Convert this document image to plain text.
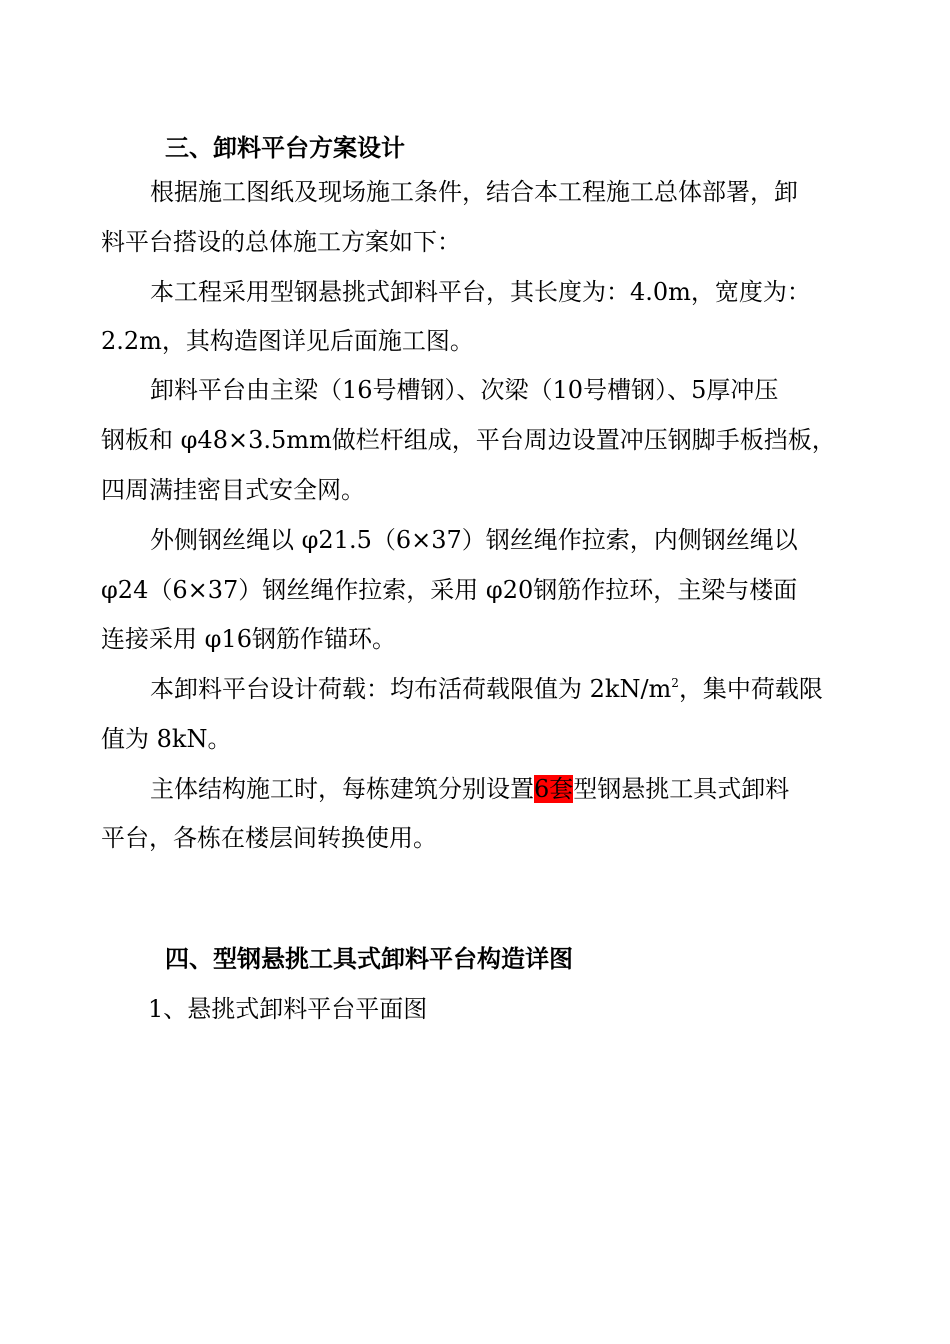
三、卸料平台方案设计
根据施工图纸及现场施工条件，结合本工程施工总体部署，卸
料平台搭设的总体施工方案如下：
本工程采用型钢悬挑式卸料平台，其长度为：4.0m，宽度为：
2.2m，其构造图详见后面施工图。
卸料平台由主梁（16号槽钢）、次梁（10号槽钢）、5厚冲压
钢板和 φ48×3.5mm做栏杆组成，平台周边设置冲压钢脚手板挡板，
四周满挂密目式安全网。
外侧钢丝绳以 φ21.5（6×37）钢丝绳作拉索，内侧钢丝绳以
φ24（6×37）钢丝绳作拉索，采用 φ20钢筋作拉环，主梁与楼面
连接采用 φ16钢筋作锚环。
本卸料平台设计荷载：均布活荷载限值为 $2kN/m^2$，集中荷载限
值为 8kN。
主体结构施工时，每栋建筑分别设置6套型钢悬挑工具式卸料
平台，各栋在楼层间转换使用。
四、型钢悬挑工具式卸料平台构造详图
1、悬挑式卸料平台平面图
